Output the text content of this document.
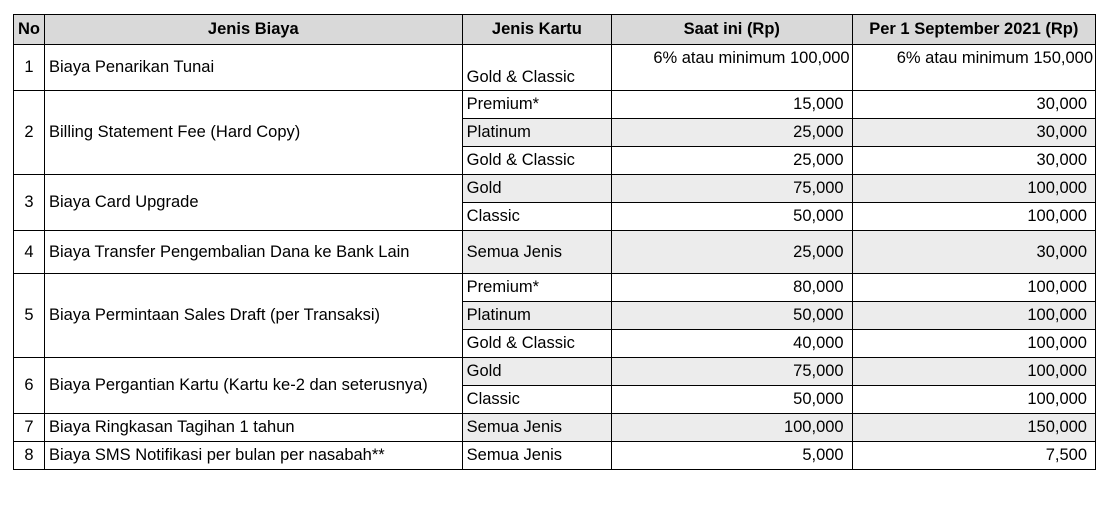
No	Jenis Biaya	Jenis Kartu	Saat ini (Rp)	Per 1 September 2021 (Rp)
1	Biaya Penarikan Tunai	Gold & Classic	6% atau minimum 100,000	6% atau minimum 150,000
2	Billing Statement Fee (Hard Copy)	Premium*	15,000	30,000
		Platinum	25,000	30,000
		Gold & Classic	25,000	30,000
3	Biaya Card Upgrade	Gold	75,000	100,000
		Classic	50,000	100,000
4	Biaya Transfer Pengembalian Dana ke Bank Lain	Semua Jenis	25,000	30,000
5	Biaya Permintaan Sales Draft (per Transaksi)	Premium*	80,000	100,000
		Platinum	50,000	100,000
		Gold & Classic	40,000	100,000
6	Biaya Pergantian Kartu (Kartu ke-2 dan seterusnya)	Gold	75,000	100,000
		Classic	50,000	100,000
7	Biaya Ringkasan Tagihan 1 tahun	Semua Jenis	100,000	150,000
8	Biaya SMS Notifikasi per bulan per nasabah**	Semua Jenis	5,000	7,500
